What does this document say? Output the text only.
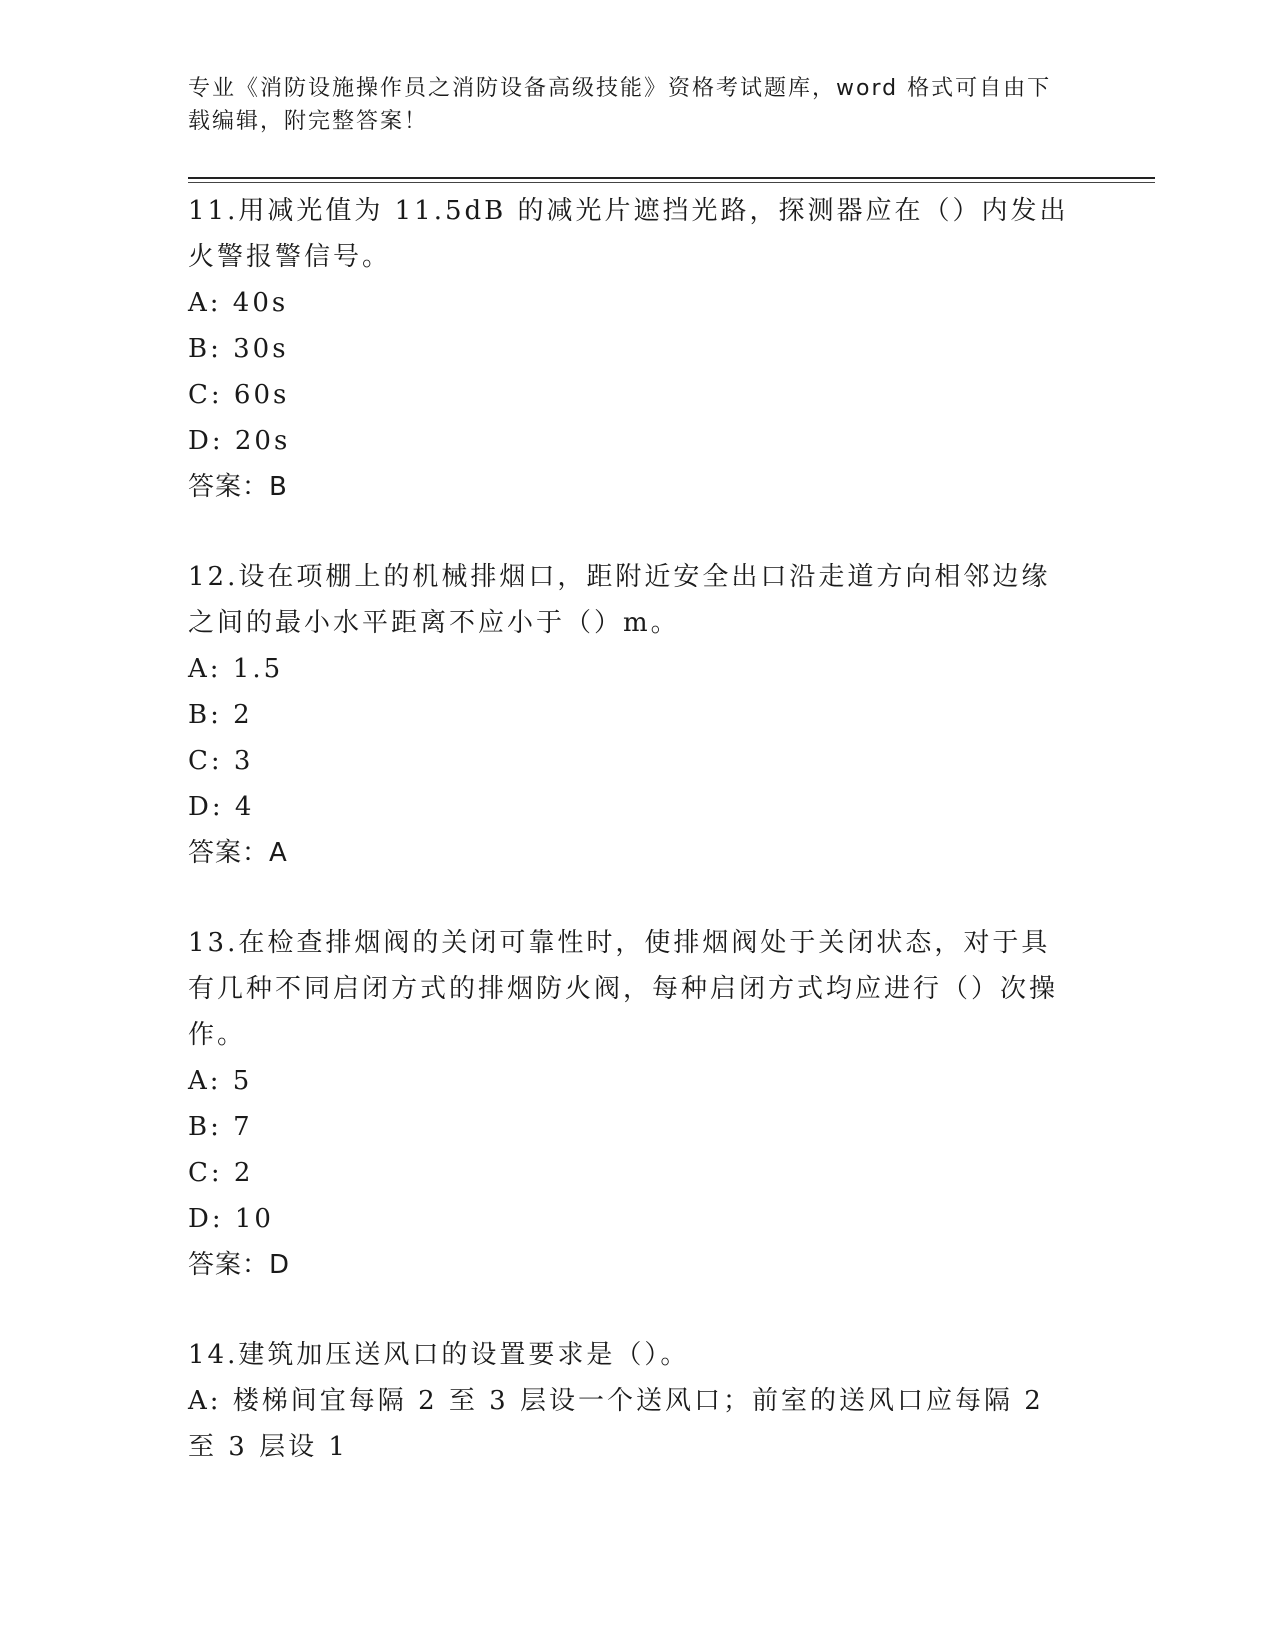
专业《消防设施操作员之消防设备高级技能》资格考试题库，word 格式可自由下载编辑，附完整答案！

11.用减光值为 11.5dB 的减光片遮挡光路，探测器应在（）内发出火警报警信号。

A: 40s

B: 30s

C: 60s

D: 20s

答案：B

12.设在项棚上的机械排烟口，距附近安全出口沿走道方向相邻边缘之间的最小水平距离不应小于（）m。

A: 1.5

B: 2

C: 3

D: 4

答案：A

13.在检查排烟阀的关闭可靠性时，使排烟阀处于关闭状态，对于具有几种不同启闭方式的排烟防火阀，每种启闭方式均应进行（）次操作。

A: 5

B: 7

C: 2

D: 10

答案：D

14.建筑加压送风口的设置要求是（）。

A: 楼梯间宜每隔 2 至 3 层设一个送风口；前室的送风口应每隔 2 至 3 层设 1
